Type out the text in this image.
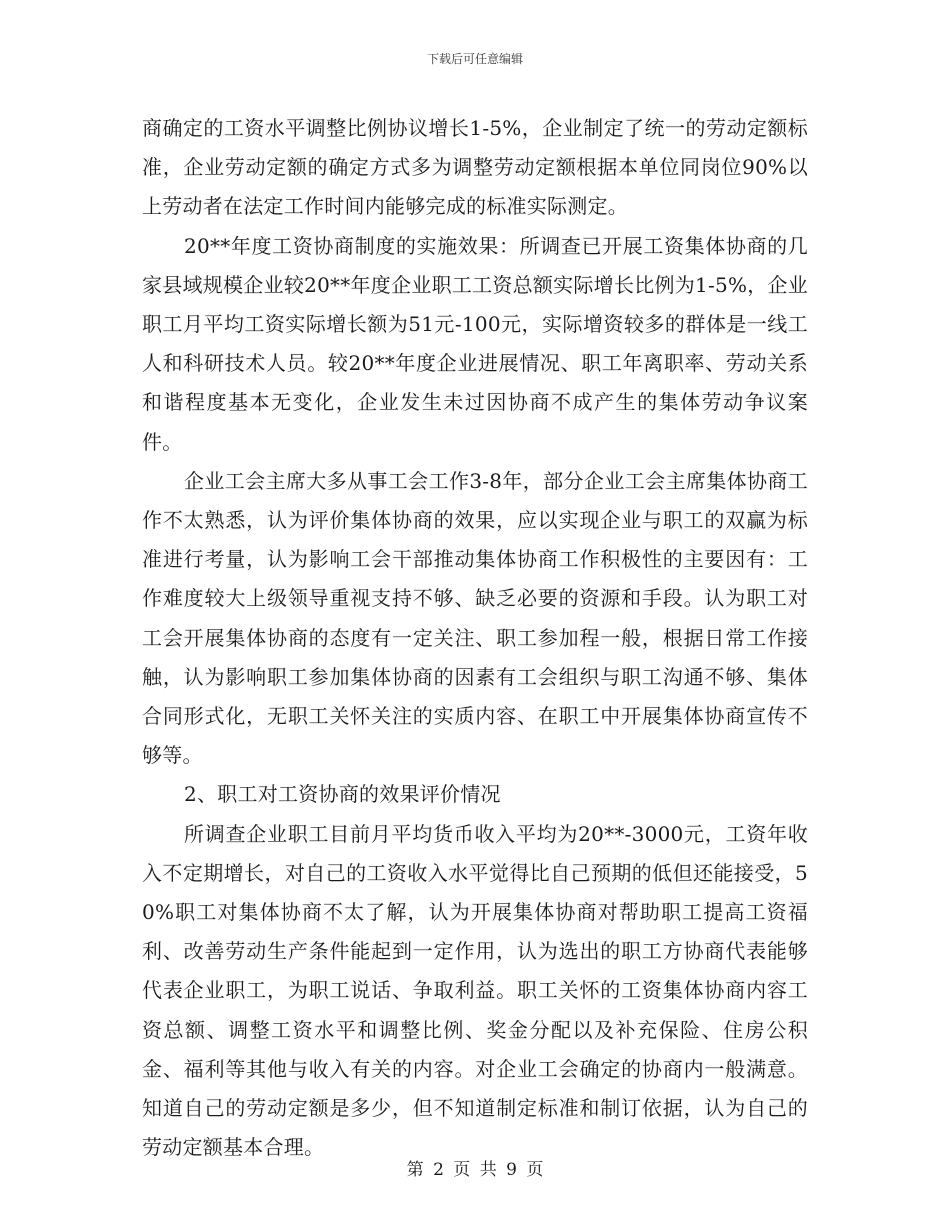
下载后可任意编辑

商确定的工资水平调整比例协议增长1-5%，企业制定了统一的劳动定额标准，企业劳动定额的确定方式多为调整劳动定额根据本单位同岗位90%以上劳动者在法定工作时间内能够完成的标准实际测定。

20**年度工资协商制度的实施效果：所调查已开展工资集体协商的几家县域规模企业较20**年度企业职工工资总额实际增长比例为1-5%，企业职工月平均工资实际增长额为51元-100元，实际增资较多的群体是一线工人和科研技术人员。较20**年度企业进展情况、职工年离职率、劳动关系和谐程度基本无变化，企业发生未过因协商不成产生的集体劳动争议案件。

企业工会主席大多从事工会工作3-8年，部分企业工会主席集体协商工作不太熟悉，认为评价集体协商的效果，应以实现企业与职工的双赢为标准进行考量，认为影响工会干部推动集体协商工作积极性的主要因有：工作难度较大上级领导重视支持不够、缺乏必要的资源和手段。认为职工对工会开展集体协商的态度有一定关注、职工参加程一般，根据日常工作接触，认为影响职工参加集体协商的因素有工会组织与职工沟通不够、集体合同形式化，无职工关怀关注的实质内容、在职工中开展集体协商宣传不够等。

2、职工对工资协商的效果评价情况

所调查企业职工目前月平均货币收入平均为20**-3000元，工资年收入不定期增长，对自己的工资收入水平觉得比自己预期的低但还能接受，50%职工对集体协商不太了解，认为开展集体协商对帮助职工提高工资福利、改善劳动生产条件能起到一定作用，认为选出的职工方协商代表能够代表企业职工，为职工说话、争取利益。职工关怀的工资集体协商内容工资总额、调整工资水平和调整比例、奖金分配以及补充保险、住房公积金、福利等其他与收入有关的内容。对企业工会确定的协商内一般满意。知道自己的劳动定额是多少，但不知道制定标准和制订依据，认为自己的劳动定额基本合理。

第 2 页 共 9 页
